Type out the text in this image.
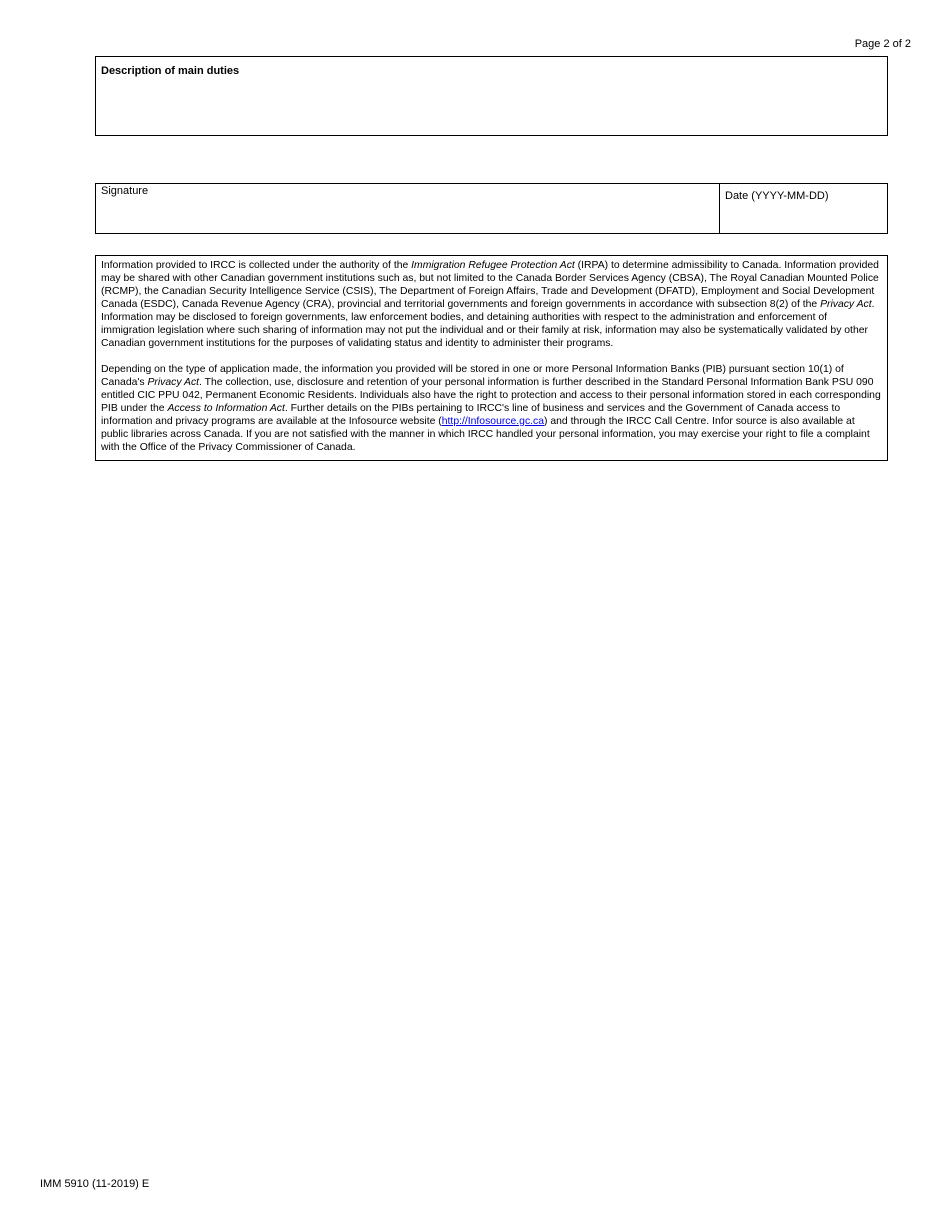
Page 2 of 2
Description of main duties
Signature	Date (YYYY-MM-DD)

Information provided to IRCC is collected under the authority of the Immigration Refugee Protection Act (IRPA) to determine admissibility to Canada. Information provided may be shared with other Canadian government institutions such as, but not limited to the Canada Border Services Agency (CBSA), The Royal Canadian Mounted Police (RCMP), the Canadian Security Intelligence Service (CSIS), The Department of Foreign Affairs, Trade and Development (DFATD), Employment and Social Development Canada (ESDC), Canada Revenue Agency (CRA), provincial and territorial governments and foreign governments in accordance with subsection 8(2) of the Privacy Act. Information may be disclosed to foreign governments, law enforcement bodies, and detaining authorities with respect to the administration and enforcement of immigration legislation where such sharing of information may not put the individual and or their family at risk, information may also be systematically validated by other Canadian government institutions for the purposes of validating status and identity to administer their programs.

Depending on the type of application made, the information you provided will be stored in one or more Personal Information Banks (PIB) pursuant section 10(1) of Canada's Privacy Act. The collection, use, disclosure and retention of your personal information is further described in the Standard Personal Information Bank PSU 090 entitled CIC PPU 042, Permanent Economic Residents. Individuals also have the right to protection and access to their personal information stored in each corresponding PIB under the Access to Information Act. Further details on the PIBs pertaining to IRCC's line of business and services and the Government of Canada access to information and privacy programs are available at the Infosource website (http://Infosource.gc.ca) and through the IRCC Call Centre. Infor source is also available at public libraries across Canada. If you are not satisfied with the manner in which IRCC handled your personal information, you may exercise your right to file a complaint with the Office of the Privacy Commissioner of Canada.

IMM 5910 (11-2019) E
